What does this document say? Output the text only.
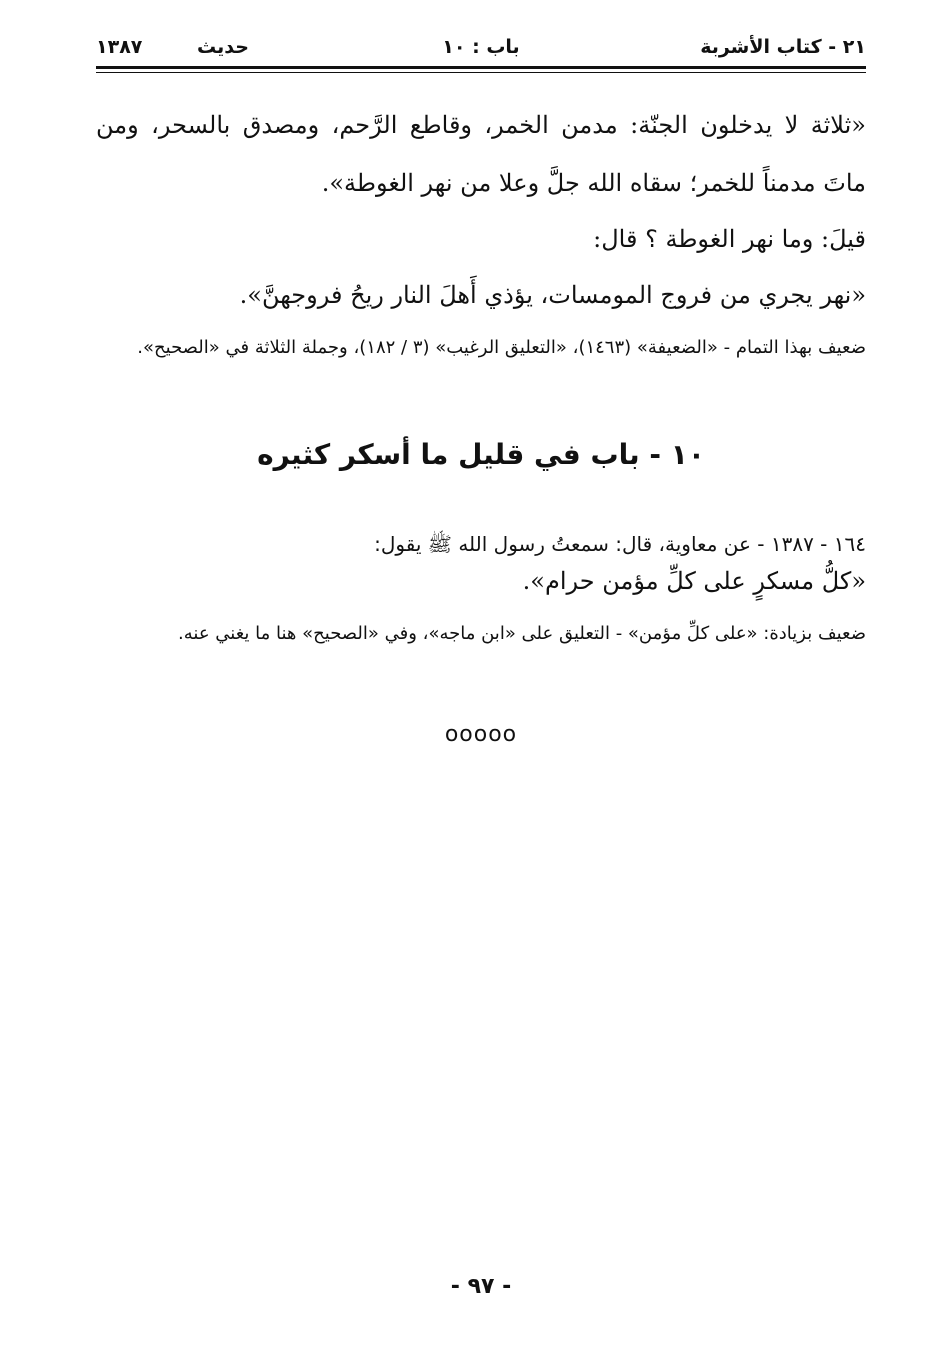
٢١ - كتاب الأشربة
باب : ١٠
حديث ١٣٨٧

«ثلاثة لا يدخلون الجنّة: مدمن الخمر، وقاطع الرَّحم، ومصدق بالسحر، ومن ماتَ مدمناً للخمر؛ سقاه الله جلَّ وعلا من نهر الغوطة».

قيلَ: وما نهر الغوطة ؟ قال:

«نهر يجري من فروج المومسات، يؤذي أَهلَ النار ريحُ فروجهنَّ».

ضعيف بهذا التمام - «الضعيفة» (١٤٦٣)، «التعليق الرغيب» (٣ / ١٨٢)، وجملة الثلاثة في «الصحيح».

١٠ - باب في قليل ما أسكر كثيره

١٦٤ - ١٣٨٧ - عن معاوية، قال: سمعتُ رسول الله ﷺ يقول:

«كلُّ مسكرٍ على كلِّ مؤمن حرام».

ضعيف بزيادة: «على كلِّ مؤمن» - التعليق على «ابن ماجه»، وفي «الصحيح» هنا ما يغني عنه.

ooooo
- ٩٧ -
